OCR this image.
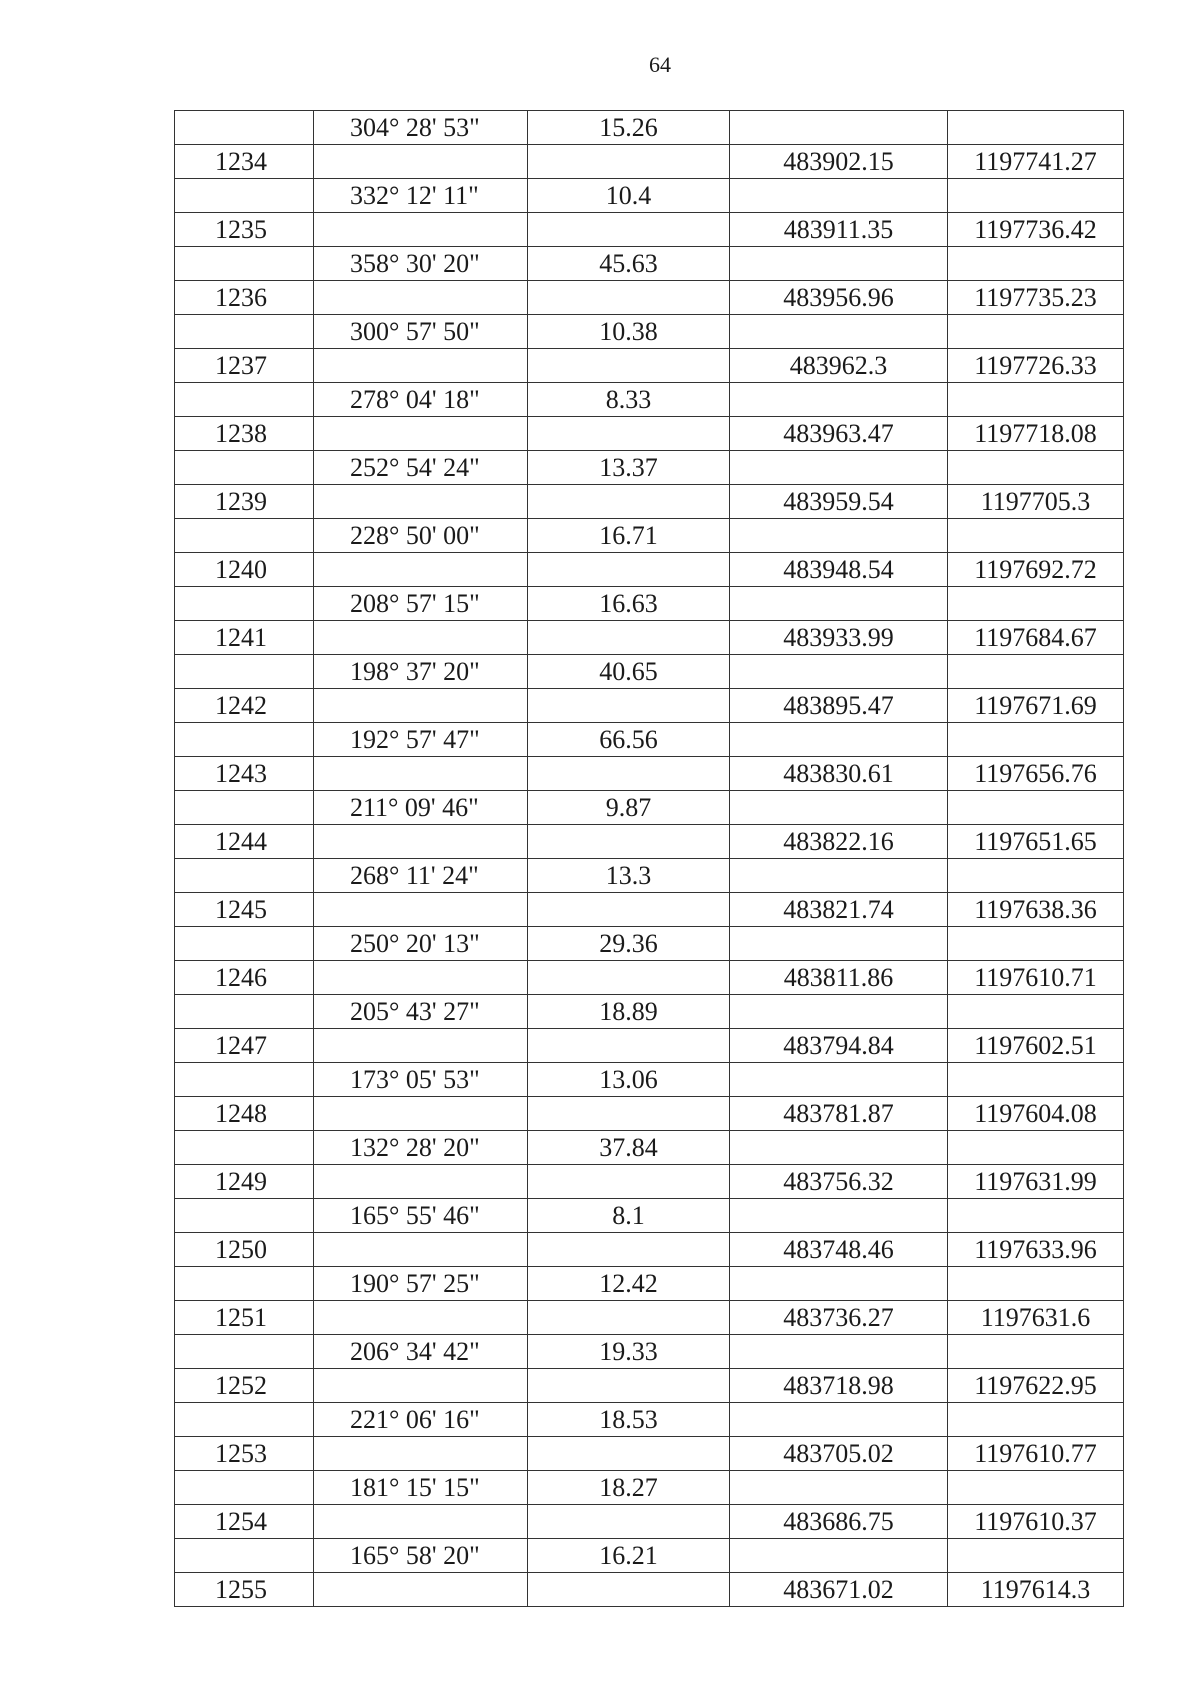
64
	304° 28' 53"	15.26		
1234			483902.15	1197741.27
	332° 12' 11"	10.4		
1235			483911.35	1197736.42
	358° 30' 20"	45.63		
1236			483956.96	1197735.23
	300° 57' 50"	10.38		
1237			483962.3	1197726.33
	278° 04' 18"	8.33		
1238			483963.47	1197718.08
	252° 54' 24"	13.37		
1239			483959.54	1197705.3
	228° 50' 00"	16.71		
1240			483948.54	1197692.72
	208° 57' 15"	16.63		
1241			483933.99	1197684.67
	198° 37' 20"	40.65		
1242			483895.47	1197671.69
	192° 57' 47"	66.56		
1243			483830.61	1197656.76
	211° 09' 46"	9.87		
1244			483822.16	1197651.65
	268° 11' 24"	13.3		
1245			483821.74	1197638.36
	250° 20' 13"	29.36		
1246			483811.86	1197610.71
	205° 43' 27"	18.89		
1247			483794.84	1197602.51
	173° 05' 53"	13.06		
1248			483781.87	1197604.08
	132° 28' 20"	37.84		
1249			483756.32	1197631.99
	165° 55' 46"	8.1		
1250			483748.46	1197633.96
	190° 57' 25"	12.42		
1251			483736.27	1197631.6
	206° 34' 42"	19.33		
1252			483718.98	1197622.95
	221° 06' 16"	18.53		
1253			483705.02	1197610.77
	181° 15' 15"	18.27		
1254			483686.75	1197610.37
	165° 58' 20"	16.21		
1255			483671.02	1197614.3
